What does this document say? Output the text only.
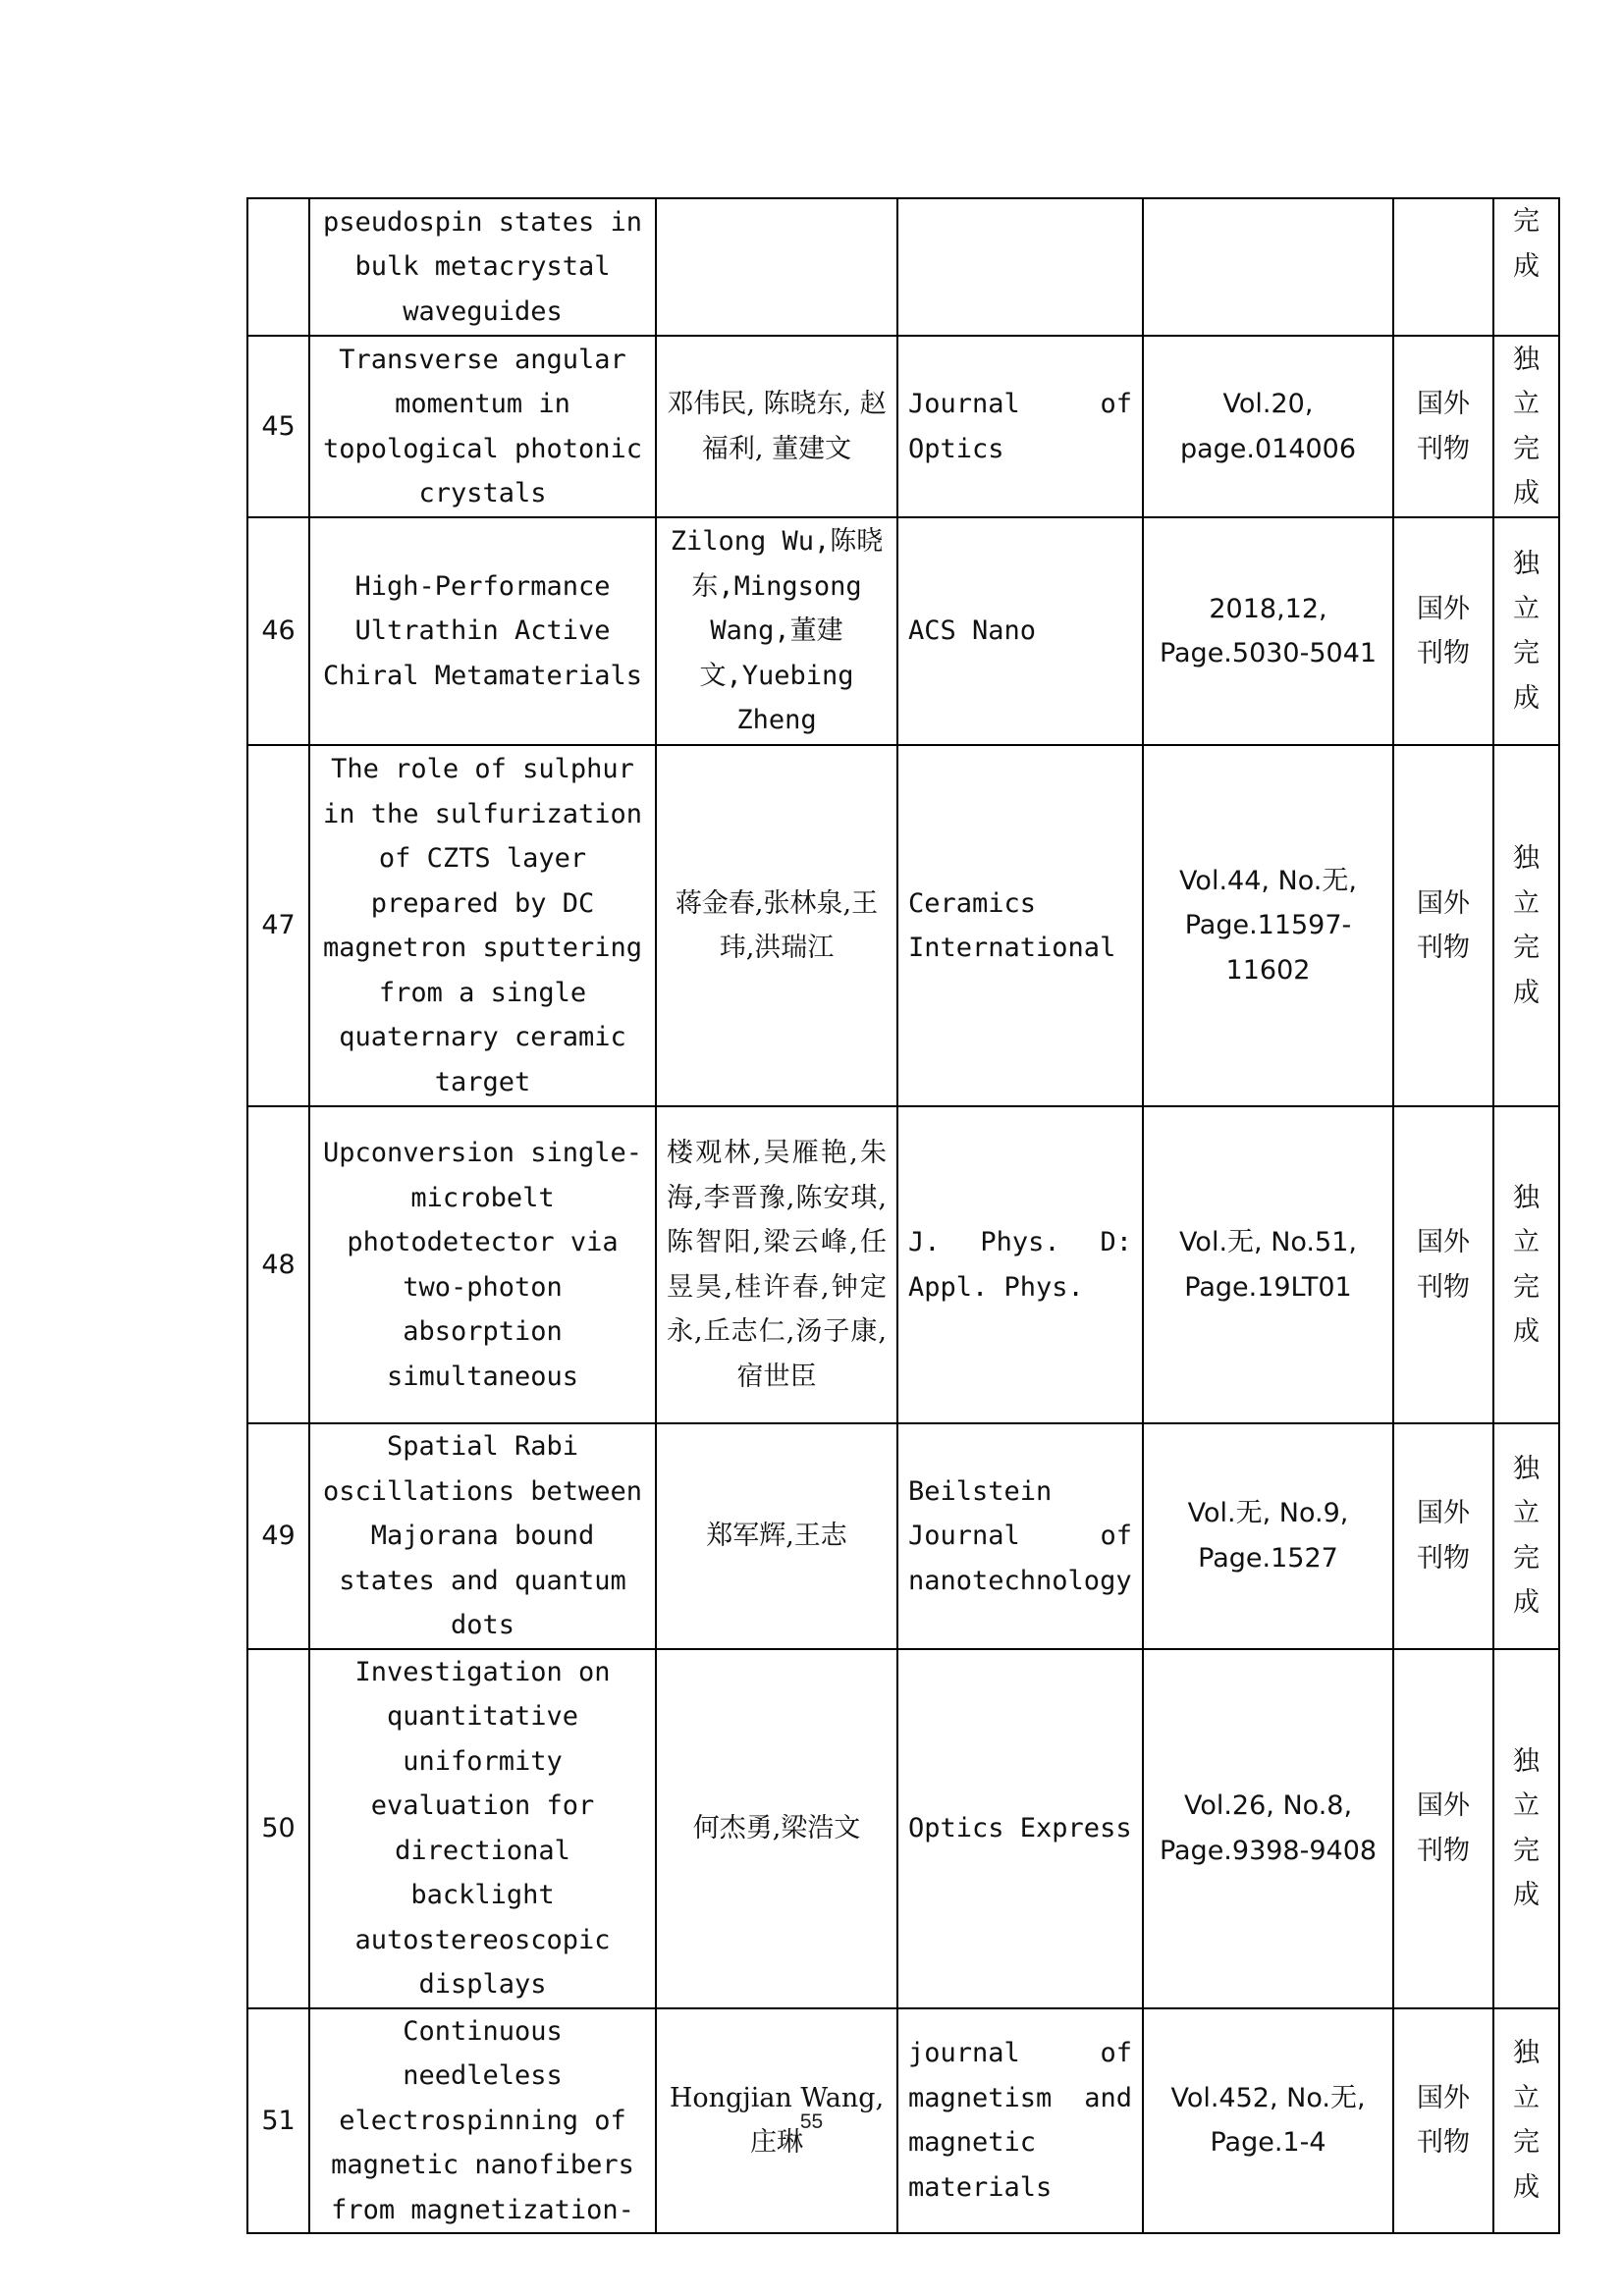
	pseudospin states in bulk metacrystal waveguides					完成
45	Transverse angular momentum in topological photonic crystals	邓伟民, 陈晓东, 赵福利, 董建文	Journal of Optics	Vol.20, page.014006	国外刊物	独立完成
46	High-Performance Ultrathin Active Chiral Metamaterials	Zilong Wu,陈晓东,Mingsong Wang,董建文,Yuebing Zheng	ACS Nano	2018,12, Page.5030-5041	国外刊物	独立完成
47	The role of sulphur in the sulfurization of CZTS layer prepared by DC magnetron sputtering from a single quaternary ceramic target	蒋金春,张林泉,王玮,洪瑞江	Ceramics International	Vol.44, No.无, Page.11597-11602	国外刊物	独立完成
48	Upconversion single-microbelt photodetector via two-photon absorption simultaneous	楼观林,吴雁艳,朱海,李晋豫,陈安琪,陈智阳,梁云峰,任昱昊,桂许春,钟定永,丘志仁,汤子康,宿世臣	J. Phys. D: Appl. Phys.	Vol.无, No.51, Page.19LT01	国外刊物	独立完成
49	Spatial Rabi oscillations between Majorana bound states and quantum dots	郑军辉,王志	Beilstein Journal of nanotechnology	Vol.无, No.9, Page.1527	国外刊物	独立完成
50	Investigation on quantitative uniformity evaluation for directional backlight autostereoscopic displays	何杰勇,梁浩文	Optics Express	Vol.26, No.8, Page.9398-9408	国外刊物	独立完成
51	Continuous needleless electrospinning of magnetic nanofibers from magnetization-	Hongjian Wang,庄琳	journal of magnetism and magnetic materials	Vol.452, No.无, Page.1-4	国外刊物	独立完成
55
